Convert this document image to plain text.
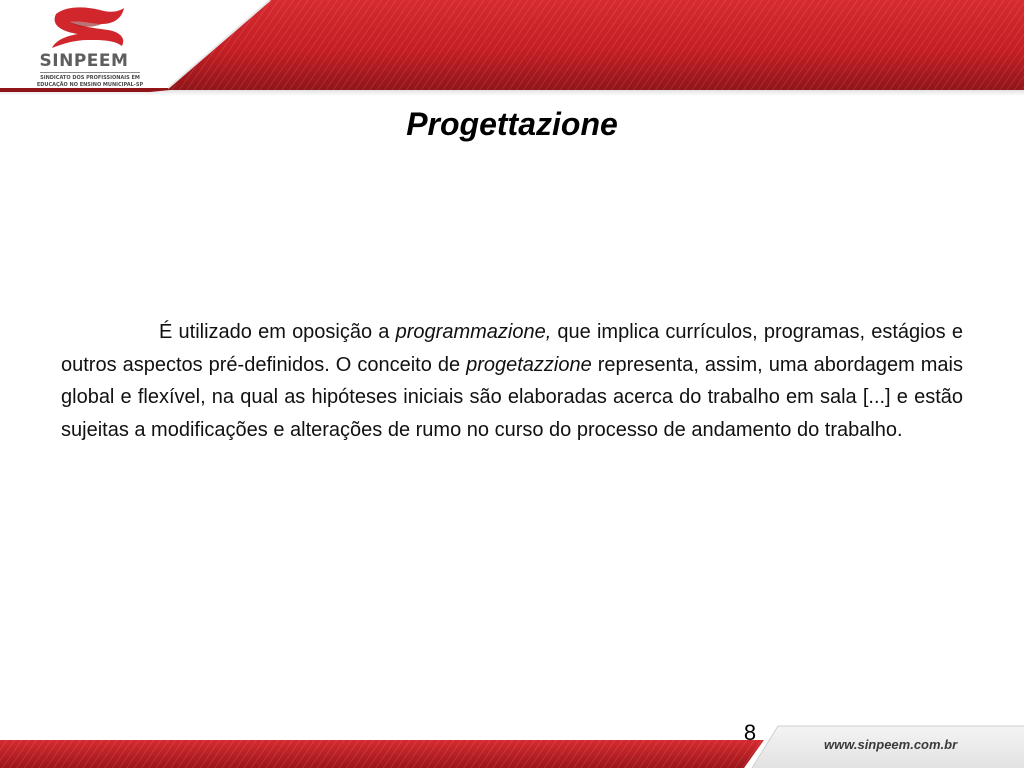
SINPEEM
SINDICATO DOS PROFISSIONAIS EM
EDUCAÇÃO NO ENSINO MUNICIPAL-SP
Progettazione

É utilizado em oposição a programmazione, que implica currículos, programas, estágios e outros aspectos pré-definidos. O conceito de progetazzione representa, assim, uma abordagem mais global e flexível, na qual as hipóteses iniciais são elaboradas acerca do trabalho em sala [...] e estão sujeitas a modificações e alterações de rumo no curso do processo de andamento do trabalho.

8	www.sinpeem.com.br
